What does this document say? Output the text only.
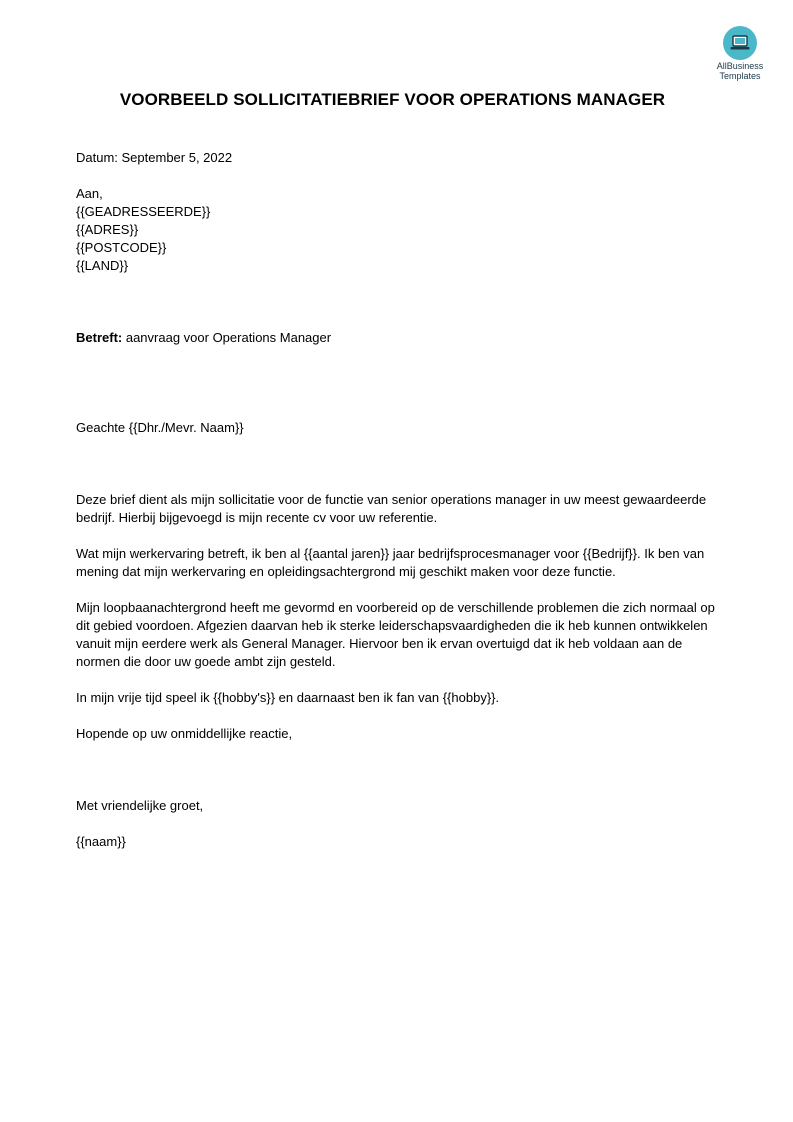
AllBusiness
Templates
VOORBEELD SOLLICITATIEBRIEF VOOR OPERATIONS MANAGER

Datum: September 5, 2022

Aan,

{{GEADRESSEERDE}}

{{ADRES}}

{{POSTCODE}}

{{LAND}}

Betreft: aanvraag voor Operations Manager

Geachte {{Dhr./Mevr. Naam}}

Deze brief dient als mijn sollicitatie voor de functie van senior operations manager in uw meest gewaardeerde bedrijf. Hierbij bijgevoegd is mijn recente cv voor uw referentie.

Wat mijn werkervaring betreft, ik ben al {{aantal jaren}} jaar bedrijfsprocesmanager voor {{Bedrijf}}. Ik ben van mening dat mijn werkervaring en opleidingsachtergrond mij geschikt maken voor deze functie.

Mijn loopbaanachtergrond heeft me gevormd en voorbereid op de verschillende problemen die zich normaal op dit gebied voordoen. Afgezien daarvan heb ik sterke leiderschapsvaardigheden die ik heb kunnen ontwikkelen vanuit mijn eerdere werk als General Manager. Hiervoor ben ik ervan overtuigd dat ik heb voldaan aan de normen die door uw goede ambt zijn gesteld.

In mijn vrije tijd speel ik {{hobby's}} en daarnaast ben ik fan van {{hobby}}.

Hopende op uw onmiddellijke reactie,

Met vriendelijke groet,

{{naam}}
